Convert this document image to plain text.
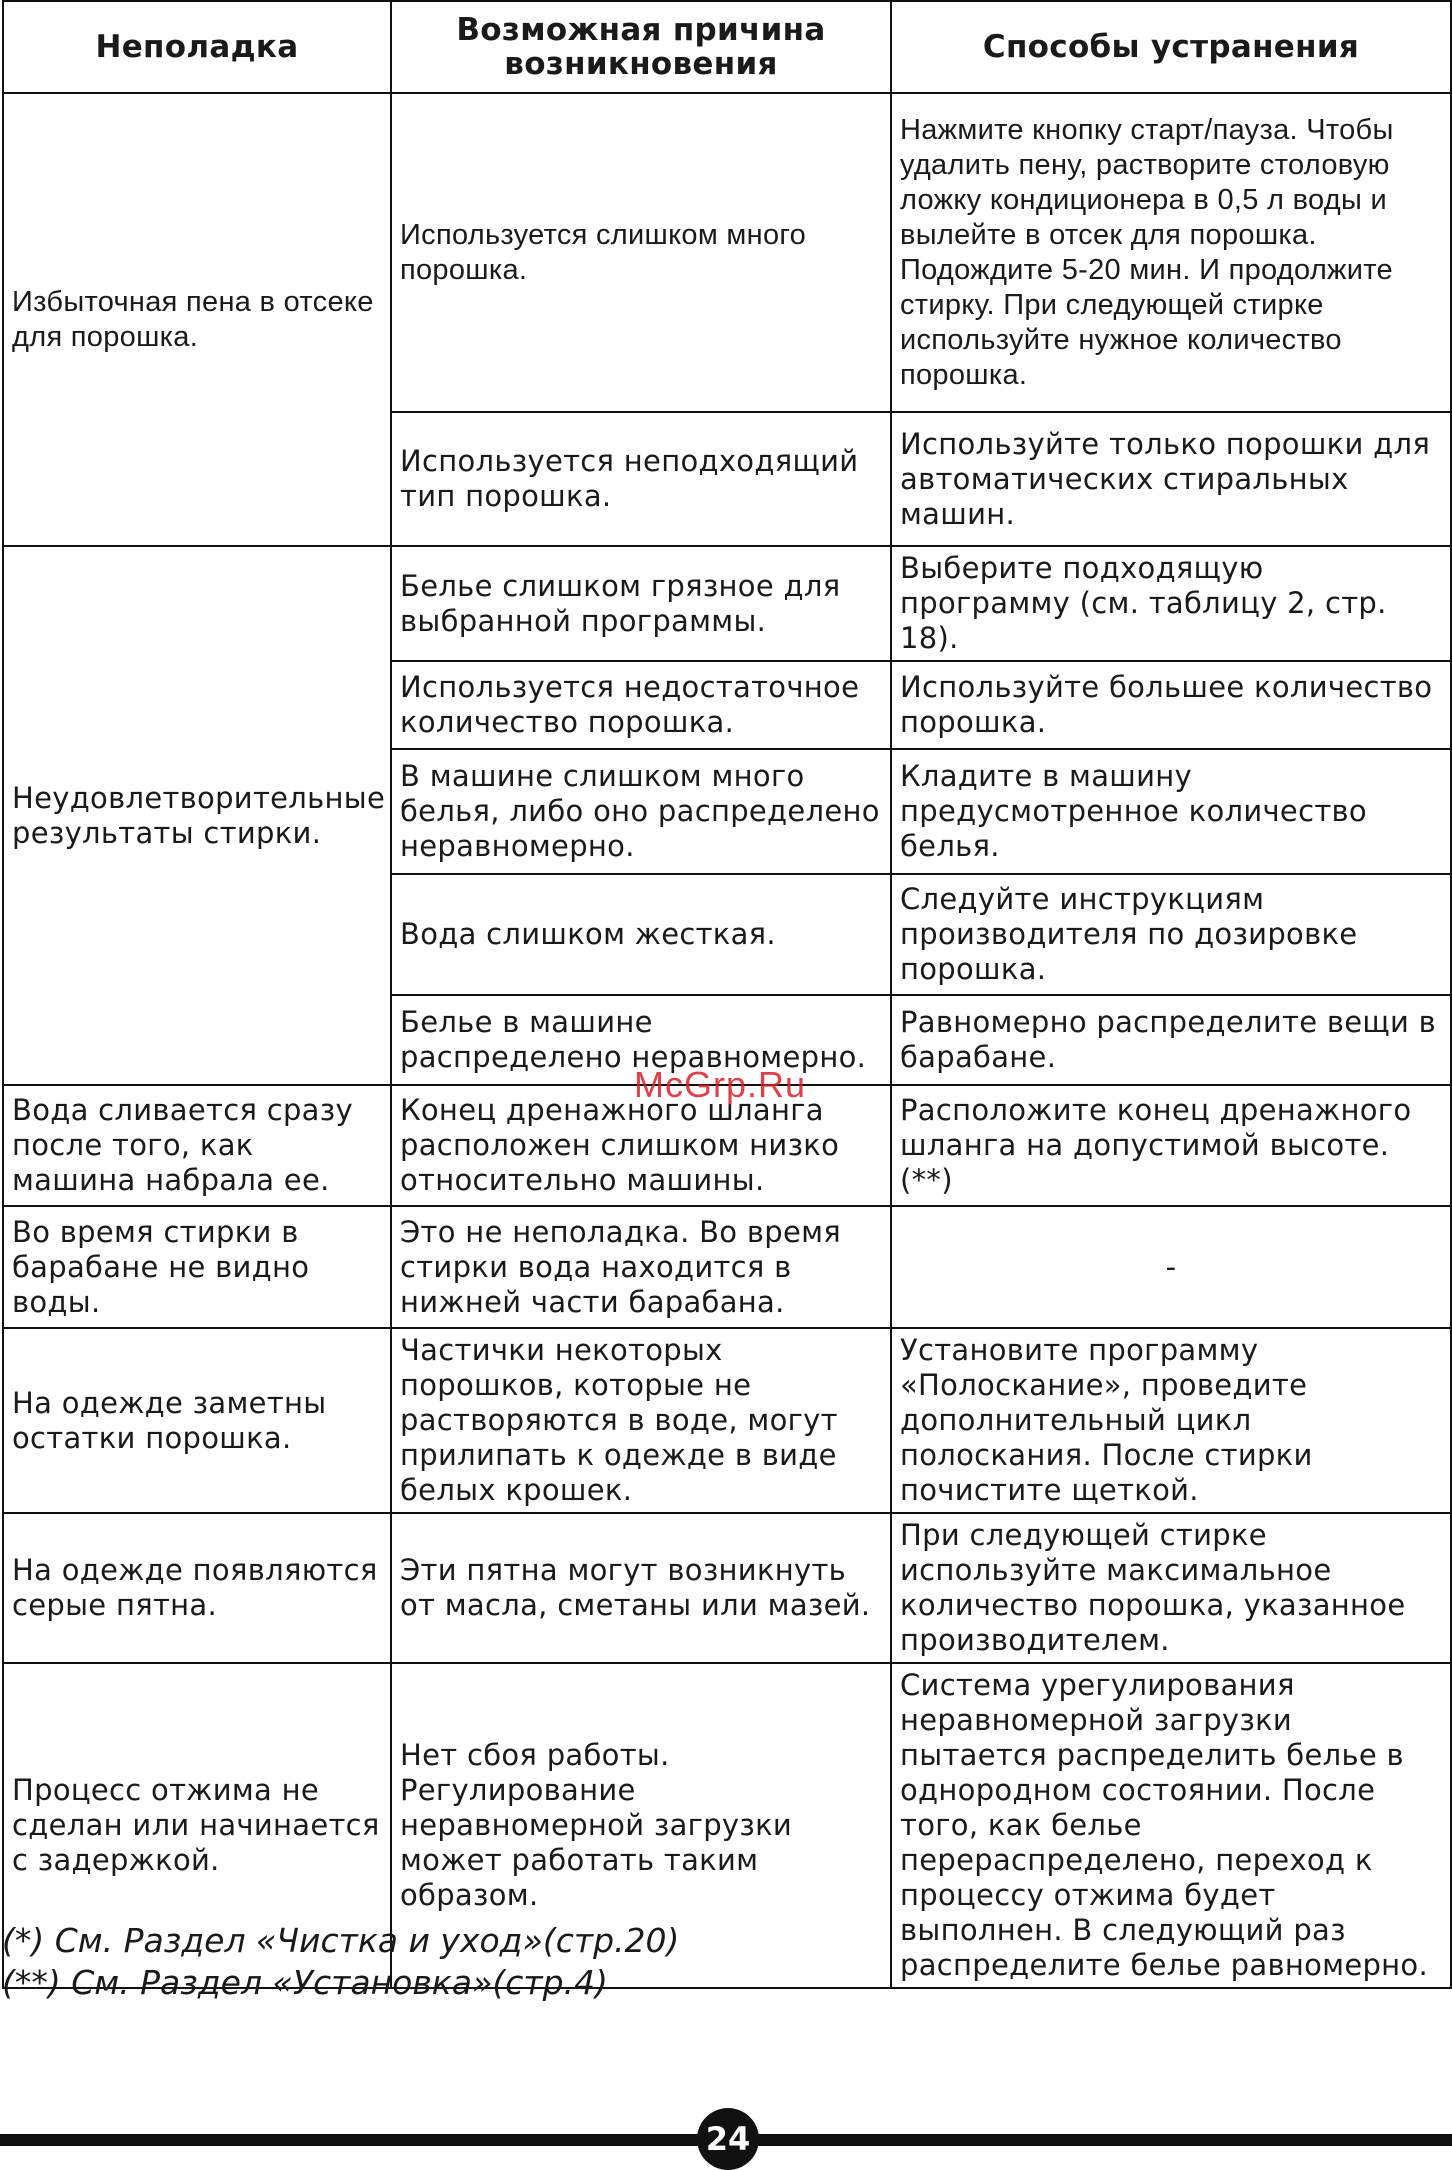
Неполадка	Возможная причина возникновения	Способы устранения
Избыточная пена в отсеке для порошка.	Используется слишком много порошка.	Нажмите кнопку старт/пауза. Чтобы удалить пену, растворите столовую ложку кондиционера в 0,5 л воды и вылейте в отсек для порошка. Подождите 5-20 мин. И продолжите стирку. При следующей стирке используйте нужное количество порошка.
	Используется неподходящий тип порошка.	Используйте только порошки для автоматических стиральных машин.
Неудовлетворительные результаты стирки.	Белье слишком грязное для выбранной программы.	Выберите подходящую программу (см. таблицу 2, стр. 18).
	Используется недостаточное количество порошка.	Используйте большее количество порошка.
	В машине слишком много белья, либо оно распределено неравномерно.	Кладите в машину предусмотренное количество белья.
	Вода слишком жесткая.	Следуйте инструкциям производителя по дозировке порошка.
	Белье в машине распределено неравномерно.	Равномерно распределите вещи в барабане.
Вода сливается сразу после того, как машина набрала ее.	Конец дренажного шланга расположен слишком низко относительно машины.	Расположите конец дренажного шланга на допустимой высоте. (**)
Во время стирки в барабане не видно воды.	Это не неполадка. Во время стирки вода находится в нижней части барабана.	-
На одежде заметны остатки порошка.	Частички некоторых порошков, которые не растворяются в воде, могут прилипать к одежде в виде белых крошек.	Установите программу «Полоскание», проведите дополнительный цикл полоскания. После стирки почистите щеткой.
На одежде появляются серые пятна.	Эти пятна могут возникнуть от масла, сметаны или мазей.	При следующей стирке используйте максимальное количество порошка, указанное производителем.
Процесс отжима не сделан или начинается с задержкой.	Нет сбоя работы. Регулирование неравномерной загрузки может работать таким образом.	Система урегулирования неравномерной загрузки пытается распределить белье в однородном состоянии. После того, как белье перераспределено, переход к процессу отжима будет выполнен. В следующий раз распределите белье равномерно.
McGrp.Ru
(*) См. Раздел «Чистка и уход»(стр.20)
(**) См. Раздел «Установка»(стр.4)
24
